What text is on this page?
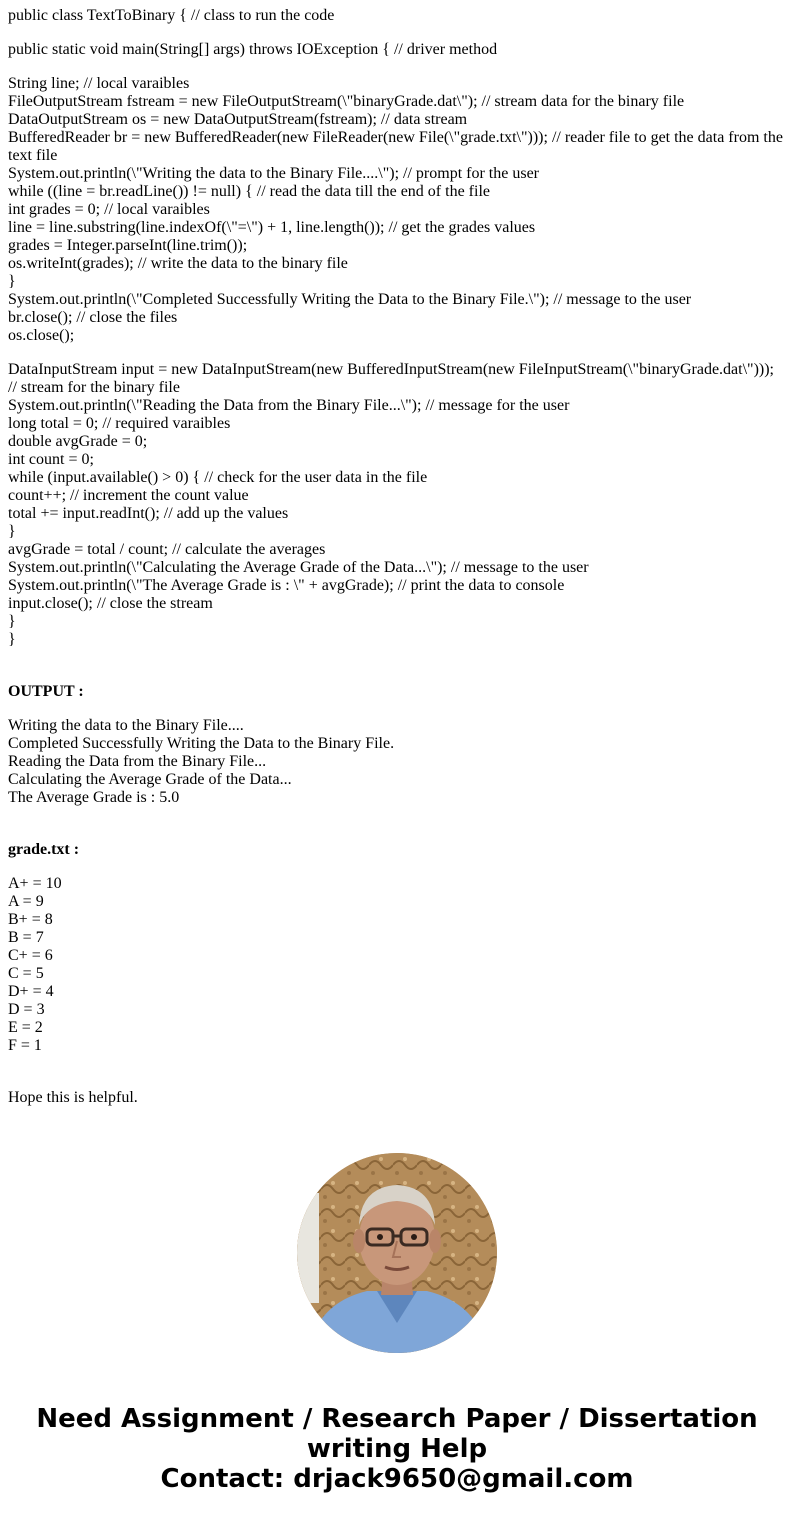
public class TextToBinary { // class to run the code
public static void main(String[] args) throws IOException { // driver method
String line; // local varaibles
FileOutputStream fstream = new FileOutputStream(\"binaryGrade.dat\"); // stream data for the binary file
DataOutputStream os = new DataOutputStream(fstream); // data stream
BufferedReader br = new BufferedReader(new FileReader(new File(\"grade.txt\"))); // reader file to get the data from the text file
System.out.println(\"Writing the data to the Binary File....\"); // prompt for the user
while ((line = br.readLine()) != null) { // read the data till the end of the file
int grades = 0; // local varaibles
line = line.substring(line.indexOf(\"=\") + 1, line.length()); // get the grades values
grades = Integer.parseInt(line.trim());
os.writeInt(grades); // write the data to the binary file
}
System.out.println(\"Completed Successfully Writing the Data to the Binary File.\"); // message to the user
br.close(); // close the files
os.close();
DataInputStream input = new DataInputStream(new BufferedInputStream(new FileInputStream(\"binaryGrade.dat\"))); // stream for the binary file
System.out.println(\"Reading the Data from the Binary File...\"); // message for the user
long total = 0; // required varaibles
double avgGrade = 0;
int count = 0;
while (input.available() > 0) { // check for the user data in the file
count++; // increment the count value
total += input.readInt(); // add up the values
}
avgGrade = total / count; // calculate the averages
System.out.println(\"Calculating the Average Grade of the Data...\"); // message to the user
System.out.println(\"The Average Grade is : \" + avgGrade); // print the data to console
input.close(); // close the stream
}
}
OUTPUT :
Writing the data to the Binary File....
Completed Successfully Writing the Data to the Binary File.
Reading the Data from the Binary File...
Calculating the Average Grade of the Data...
The Average Grade is : 5.0
grade.txt :
A+ = 10
A = 9
B+ = 8
B = 7
C+ = 6
C = 5
D+ = 4
D = 3
E = 2
F = 1
Hope this is helpful.
Need Assignment / Research Paper / Dissertation
writing Help
Contact: drjack9650@gmail.com
